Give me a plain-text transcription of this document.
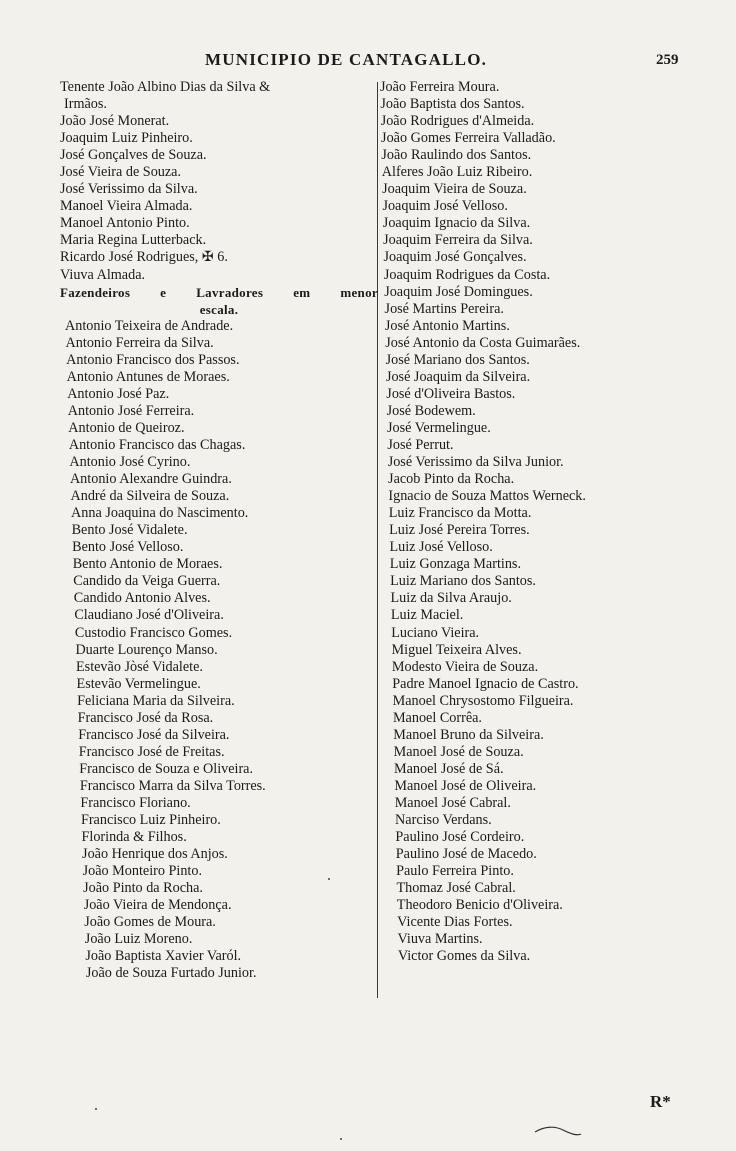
MUNICIPIO DE CANTAGALLO.	259
Tenente João Albino Dias da Silva &
Irmãos.
João José Monerat.
Joaquim Luiz Pinheiro.
José Gonçalves de Souza.
José Vieira de Souza.
José Verissimo da Silva.
Manoel Vieira Almada.
Manoel Antonio Pinto.
Maria Regina Lutterback.
Ricardo José Rodrigues, ✠ 6.
Viuva Almada.
Fazendeiros e Lavradores em menor
escala.
Antonio Teixeira de Andrade.
Antonio Ferreira da Silva.
Antonio Francisco dos Passos.
Antonio Antunes de Moraes.
Antonio José Paz.
Antonio José Ferreira.
Antonio de Queiroz.
Antonio Francisco das Chagas.
Antonio José Cyrino.
Antonio Alexandre Guindra.
André da Silveira de Souza.
Anna Joaquina do Nascimento.
Bento José Vidalete.
Bento José Velloso.
Bento Antonio de Moraes.
Candido da Veiga Guerra.
Candido Antonio Alves.
Claudiano José d'Oliveira.
Custodio Francisco Gomes.
Duarte Lourenço Manso.
Estevão Jòsé Vidalete.
Estevão Vermelingue.
Feliciana Maria da Silveira.
Francisco José da Rosa.
Francisco José da Silveira.
Francisco José de Freitas.
Francisco de Souza e Oliveira.
Francisco Marra da Silva Torres.
Francisco Floriano.
Francisco Luiz Pinheiro.
Florinda & Filhos.
João Henrique dos Anjos.
João Monteiro Pinto.
João Pinto da Rocha.
João Vieira de Mendonça.
João Gomes de Moura.
João Luiz Moreno.
João Baptista Xavier Varól.
João de Souza Furtado Junior.
João Ferreira Moura.
João Baptista dos Santos.
João Rodrigues d'Almeida.
João Gomes Ferreira Valladão.
João Raulindo dos Santos.
Alferes João Luiz Ribeiro.
Joaquim Vieira de Souza.
Joaquim José Velloso.
Joaquim Ignacio da Silva.
Joaquim Ferreira da Silva.
Joaquim José Gonçalves.
Joaquim Rodrigues da Costa.
Joaquim José Domingues.
José Martins Pereira.
José Antonio Martins.
José Antonio da Costa Guimarães.
José Mariano dos Santos.
José Joaquim da Silveira.
José d'Oliveira Bastos.
José Bodewem.
José Vermelingue.
José Perrut.
José Verissimo da Silva Junior.
Jacob Pinto da Rocha.
Ignacio de Souza Mattos Werneck.
Luiz Francisco da Motta.
Luiz José Pereira Torres.
Luiz José Velloso.
Luiz Gonzaga Martins.
Luiz Mariano dos Santos.
Luiz da Silva Araujo.
Luiz Maciel.
Luciano Vieira.
Miguel Teixeira Alves.
Modesto Vieira de Souza.
Padre Manoel Ignacio de Castro.
Manoel Chrysostomo Filgueira.
Manoel Corrêa.
Manoel Bruno da Silveira.
Manoel José de Souza.
Manoel José de Sá.
Manoel José de Oliveira.
Manoel José Cabral.
Narciso Verdans.
Paulino José Cordeiro.
Paulino José de Macedo.
Paulo Ferreira Pinto.
Thomaz José Cabral.
Theodoro Benicio d'Oliveira.
Vicente Dias Fortes.
Viuva Martins.
Victor Gomes da Silva.
R*
